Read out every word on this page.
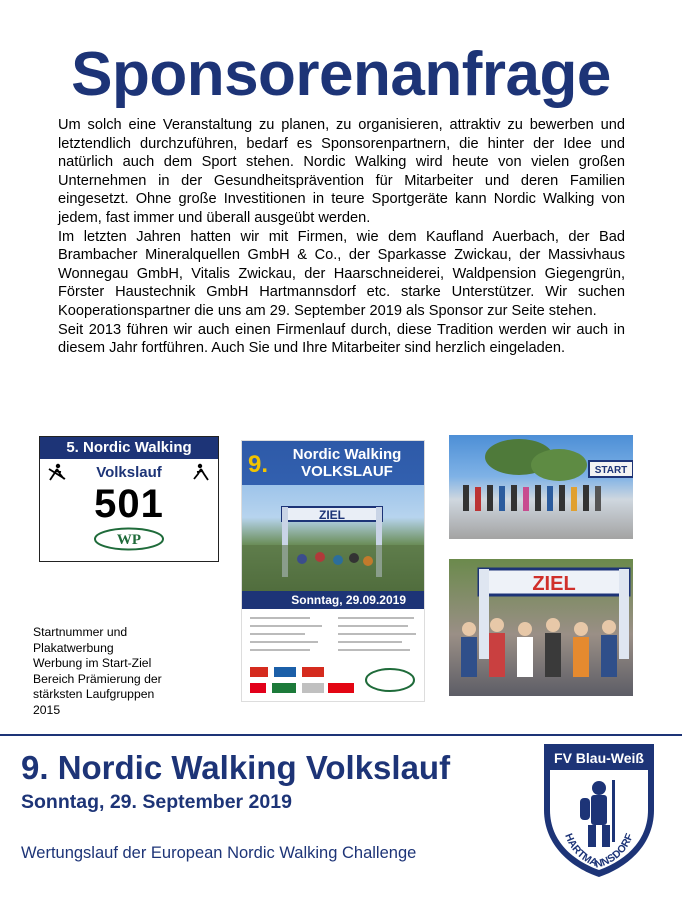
Sponsorenanfrage

Um solch eine Veranstaltung zu planen, zu organisieren, attraktiv zu bewerben und letztendlich durchzuführen, bedarf es Sponsorenpartnern, die hinter der Idee und natürlich auch dem Sport stehen. Nordic Walking wird heute von vielen großen Unternehmen in der Gesundheitsprävention für Mitarbeiter und deren Familien eingesetzt. Ohne große Investitionen in teure Sportgeräte kann Nordic Walking von jedem, fast immer und überall ausgeübt werden.

Im letzten Jahren hatten wir mit Firmen, wie dem Kaufland Auerbach, der Bad Brambacher Mineralquellen GmbH & Co., der Sparkasse Zwickau, der Massivhaus Wonnegau GmbH, Vitalis Zwickau, der Haarschneiderei, Waldpension Giegengrün, Förster Haustechnik GmbH Hartmannsdorf etc. starke Unterstützer. Wir suchen Kooperationspartner die uns am 29. September 2019 als Sponsor zur Seite stehen.

Seit 2013 führen wir auch einen Firmenlauf durch, diese Tradition werden wir auch in diesem Jahr fortführen. Auch Sie und Ihre Mitarbeiter sind herzlich eingeladen.

5. Nordic Walking
Volkslauf
501
WP
ZIEL
9.	Nordic Walking
VOLKSLAUF
Sonntag, 29.09.2019
START
ZIEL
Startnummer und
Plakatwerbung
Werbung im Start-Ziel
Bereich Prämierung der
stärksten Laufgruppen
2015
9. Nordic Walking Volkslauf
Sonntag, 29. September 2019
Wertungslauf der European Nordic Walking Challenge
FV Blau-Weiß
HARTMANNSDORF
